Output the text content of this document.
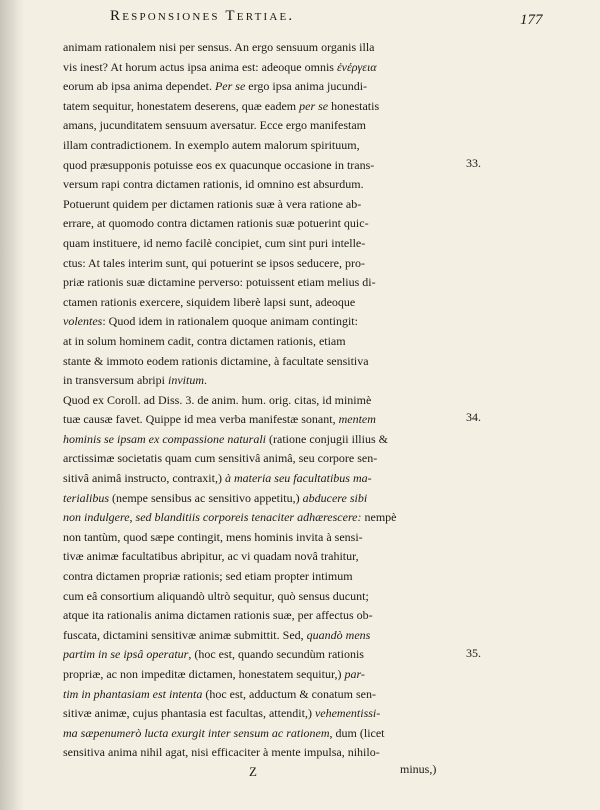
Responsiones Tertiae.	177
animam rationalem nisi per sensus. An ergo sensuum organis illa
vis inest? At horum actus ipsa anima est: adeoque omnis ἐνέργεια
eorum ab ipsa anima dependet. Per se ergo ipsa anima jucundi-
tatem sequitur, honestatem deserens, quæ eadem per se honestatis
amans, jucunditatem sensuum aversatur. Ecce ergo manifestam
illam contradictionem. In exemplo autem malorum spirituum,
quod præsupponis potuisse eos ex quacunque occasione in trans-
versum rapi contra dictamen rationis, id omnino est absurdum.
Potuerunt quidem per dictamen rationis suæ à vera ratione ab-
errare, at quomodo contra dictamen rationis suæ potuerint quic-
quam instituere, id nemo facilè concipiet, cum sint puri intelle-
ctus: At tales interim sunt, qui potuerint se ipsos seducere, pro-
priæ rationis suæ dictamine perverso: potuissent etiam melius di-
ctamen rationis exercere, siquidem liberè lapsi sunt, adeoque
volentes: Quod idem in rationalem quoque animam contingit:
at in solum hominem cadit, contra dictamen rationis, etiam
stante & immoto eodem rationis dictamine, à facultate sensitiva
in transversum abripi invitum.
Quod ex Coroll. ad Diss. 3. de anim. hum. orig. citas, id minimè
tuæ causæ favet. Quippe id mea verba manifestæ sonant, mentem
hominis se ipsam ex compassione naturali (ratione conjugii illius &
arctissimæ societatis quam cum sensitivâ animâ, seu corpore sen-
sitivâ animâ instructo, contraxit,) à materia seu facultatibus ma-
terialibus (nempe sensibus ac sensitivo appetitu,) abducere sibi
non indulgere, sed blanditiis corporeis tenaciter adhærescere: nempè
non tantùm, quod sæpe contingit, mens hominis invita à sensi-
tivæ animæ facultatibus abripitur, ac vi quadam novâ trahitur,
contra dictamen propriæ rationis; sed etiam propter intimum
cum eâ consortium aliquandò ultrò sequitur, quò sensus ducunt;
atque ita rationalis anima dictamen rationis suæ, per affectus ob-
fuscata, dictamini sensitivæ animæ submittit. Sed, quandò mens
partim in se ipsâ operatur, (hoc est, quando secundùm rationis
propriæ, ac non impeditæ dictamen, honestatem sequitur,) par-
tim in phantasiam est intenta (hoc est, adductum & conatum sen-
sitivæ animæ, cujus phantasia est facultas, attendit,) vehementissi-
ma sæpenumerò lucta exurgit inter sensum ac rationem, dum (licet
sensitiva anima nihil agat, nisi efficaciter à mente impulsa, nihilo-
33.
34.
35.
Z	minus,)
